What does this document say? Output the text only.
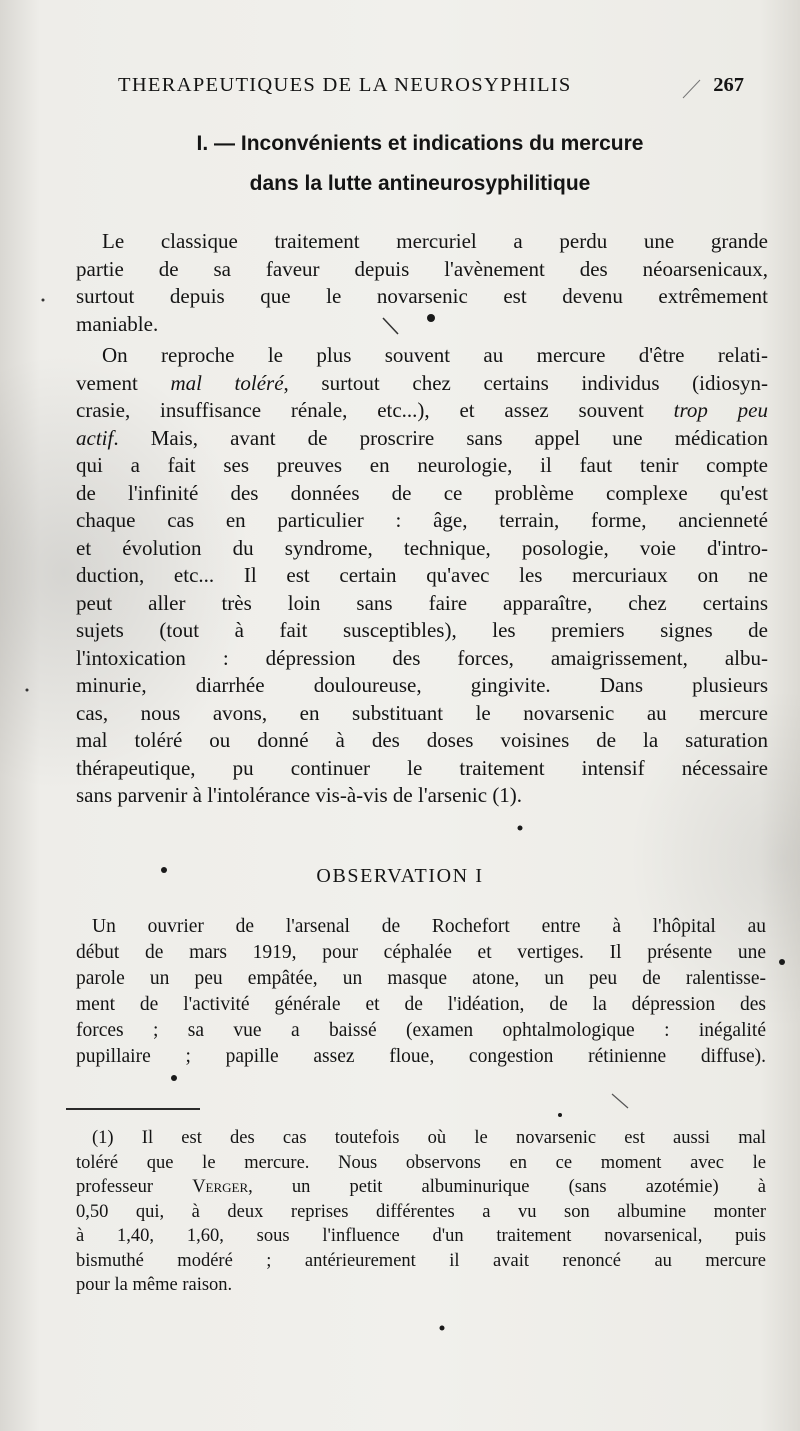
THERAPEUTIQUES DE LA NEUROSYPHILIS	267
I. — Inconvénients et indications du mercure
dans la lutte antineurosyphilitique
Le classique traitement mercuriel a perdu une grande
partie de sa faveur depuis l'avènement des néoarsenicaux,
surtout depuis que le novarsenic est devenu extrêmement
maniable.
On reproche le plus souvent au mercure d'être relati-
vement mal toléré, surtout chez certains individus (idiosyn-
crasie, insuffisance rénale, etc...), et assez souvent trop peu
actif. Mais, avant de proscrire sans appel une médication
qui a fait ses preuves en neurologie, il faut tenir compte
de l'infinité des données de ce problème complexe qu'est
chaque cas en particulier : âge, terrain, forme, ancienneté
et évolution du syndrome, technique, posologie, voie d'intro-
duction, etc... Il est certain qu'avec les mercuriaux on ne
peut aller très loin sans faire apparaître, chez certains
sujets (tout à fait susceptibles), les premiers signes de
l'intoxication : dépression des forces, amaigrissement, albu-
minurie, diarrhée douloureuse, gingivite. Dans plusieurs
cas, nous avons, en substituant le novarsenic au mercure
mal toléré ou donné à des doses voisines de la saturation
thérapeutique, pu continuer le traitement intensif nécessaire
sans parvenir à l'intolérance vis-à-vis de l'arsenic (1).
OBSERVATION I
Un ouvrier de l'arsenal de Rochefort entre à l'hôpital au
début de mars 1919, pour céphalée et vertiges. Il présente une
parole un peu empâtée, un masque atone, un peu de ralentisse-
ment de l'activité générale et de l'idéation, de la dépression des
forces ; sa vue a baissé (examen ophtalmologique : inégalité
pupillaire ; papille assez floue, congestion rétinienne diffuse).
(1) Il est des cas toutefois où le novarsenic est aussi mal
toléré que le mercure. Nous observons en ce moment avec le
professeur Verger, un petit albuminurique (sans azotémie) à
0,50 qui, à deux reprises différentes a vu son albumine monter
à 1,40, 1,60, sous l'influence d'un traitement novarsenical, puis
bismuthé modéré ; antérieurement il avait renoncé au mercure
pour la même raison.
